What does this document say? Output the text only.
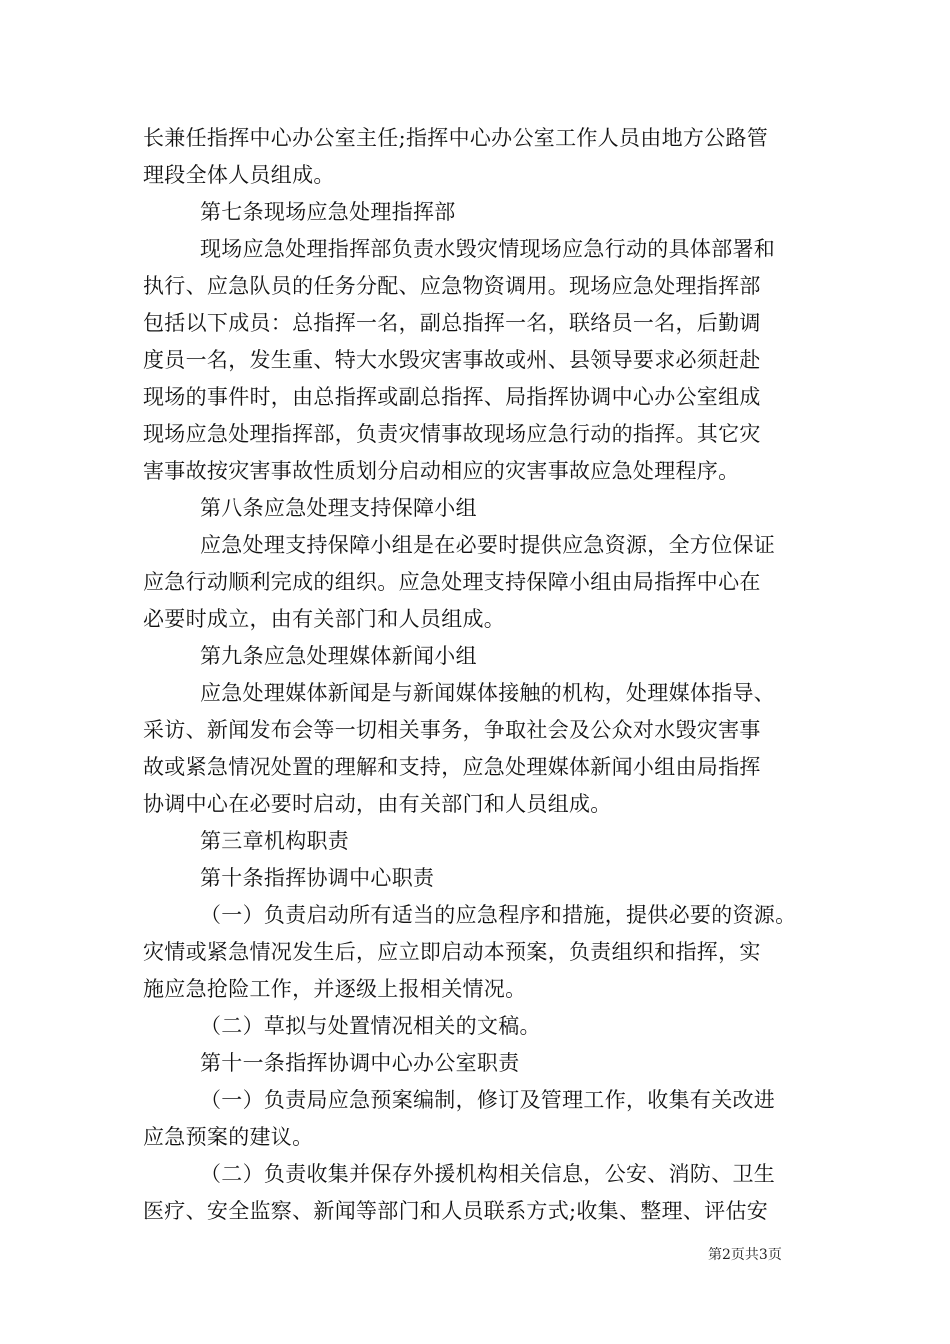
长兼任指挥中心办公室主任;指挥中心办公室工作人员由地方公路管
理段全体人员组成。
第七条现场应急处理指挥部
现场应急处理指挥部负责水毁灾情现场应急行动的具体部署和
执行、应急队员的任务分配、应急物资调用。现场应急处理指挥部
包括以下成员：总指挥一名，副总指挥一名，联络员一名，后勤调
度员一名，发生重、特大水毁灾害事故或州、县领导要求必须赶赴
现场的事件时，由总指挥或副总指挥、局指挥协调中心办公室组成
现场应急处理指挥部，负责灾情事故现场应急行动的指挥。其它灾
害事故按灾害事故性质划分启动相应的灾害事故应急处理程序。
第八条应急处理支持保障小组
应急处理支持保障小组是在必要时提供应急资源，全方位保证
应急行动顺利完成的组织。应急处理支持保障小组由局指挥中心在
必要时成立，由有关部门和人员组成。
第九条应急处理媒体新闻小组
应急处理媒体新闻是与新闻媒体接触的机构，处理媒体指导、
采访、新闻发布会等一切相关事务，争取社会及公众对水毁灾害事
故或紧急情况处置的理解和支持，应急处理媒体新闻小组由局指挥
协调中心在必要时启动，由有关部门和人员组成。
第三章机构职责
第十条指挥协调中心职责
（一）负责启动所有适当的应急程序和措施，提供必要的资源。
灾情或紧急情况发生后，应立即启动本预案，负责组织和指挥，实
施应急抢险工作，并逐级上报相关情况。
（二）草拟与处置情况相关的文稿。
第十一条指挥协调中心办公室职责
（一）负责局应急预案编制，修订及管理工作，收集有关改进
应急预案的建议。
（二）负责收集并保存外援机构相关信息，公安、消防、卫生
医疗、安全监察、新闻等部门和人员联系方式;收集、整理、评估安
第2页共3页
